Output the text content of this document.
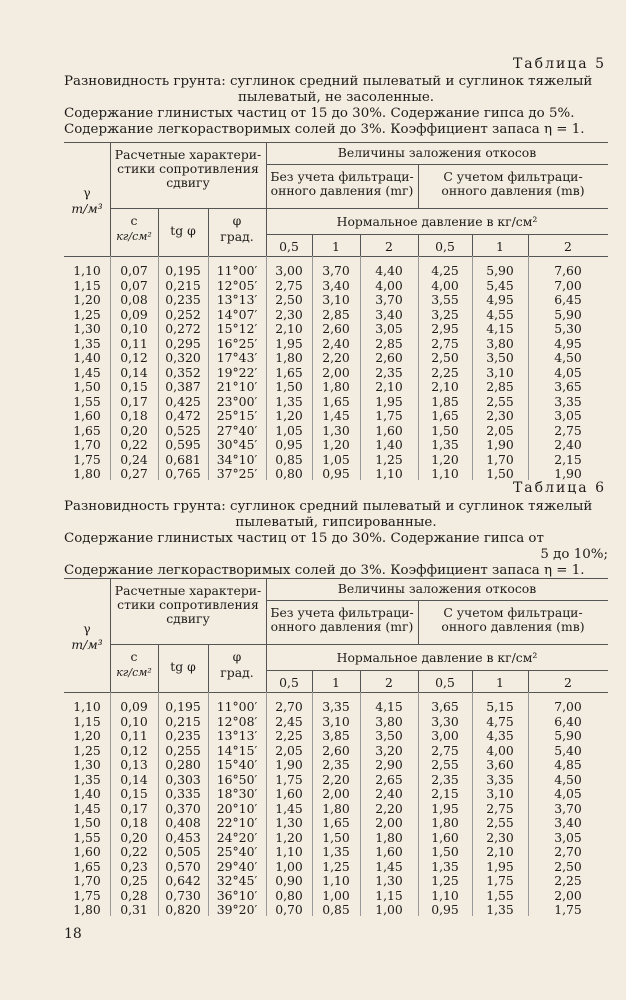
Таблица 5
Разновидность грунта: суглинок средний пылеватый и суглинок тяжелый
пылеватый, не засоленные.
Содержание глинистых частиц от 15 до 30%. Содержание гипса до 5%.
Содержание легкорастворимых солей до 3%. Коэффициент запаса η = 1.
γ
т/м³
Расчетные характери-
стики сопротивления
сдвигу
Величины заложения откосов
Без учета фильтраци-
онного давления (mг)
С учетом фильтраци-
онного давления (mв)
c
кг/см²	tg φ
φ
град.
Нормальное давление в кг/см²
0,5	1	2	0,5	1	2
1,10	0,07	0,195	11°00′	3,00	3,70	4,40	4,25	5,90	7,60
1,15	0,07	0,215	12°05′	2,75	3,40	4,00	4,00	5,45	7,00
1,20	0,08	0,235	13°13′	2,50	3,10	3,70	3,55	4,95	6,45
1,25	0,09	0,252	14°07′	2,30	2,85	3,40	3,25	4,55	5,90
1,30	0,10	0,272	15°12′	2,10	2,60	3,05	2,95	4,15	5,30
1,35	0,11	0,295	16°25′	1,95	2,40	2,85	2,75	3,80	4,95
1,40	0,12	0,320	17°43′	1,80	2,20	2,60	2,50	3,50	4,50
1,45	0,14	0,352	19°22′	1,65	2,00	2,35	2,25	3,10	4,05
1,50	0,15	0,387	21°10′	1,50	1,80	2,10	2,10	2,85	3,65
1,55	0,17	0,425	23°00′	1,35	1,65	1,95	1,85	2,55	3,35
1,60	0,18	0,472	25°15′	1,20	1,45	1,75	1,65	2,30	3,05
1,65	0,20	0,525	27°40′	1,05	1,30	1,60	1,50	2,05	2,75
1,70	0,22	0,595	30°45′	0,95	1,20	1,40	1,35	1,90	2,40
1,75	0,24	0,681	34°10′	0,85	1,05	1,25	1,20	1,70	2,15
1,80	0,27	0,765	37°25′	0,80	0,95	1,10	1,10	1,50	1,90
Таблица 6
Разновидность грунта: суглинок средний пылеватый и суглинок тяжелый
пылеватый, гипсированные.
Содержание глинистых частиц от 15 до 30%. Содержание гипса от
5 до 10%;
Содержание легкорастворимых солей до 3%. Коэффициент запаса η = 1.
γ
т/м³
Расчетные характери-
стики сопротивления
сдвигу
Величины заложения откосов
Без учета фильтраци-
онного давления (mг)
С учетом фильтраци-
онного давления (mв)
c
кг/см²	tg φ
φ
град.
Нормальное давление в кг/см²
0,5	1	2	0,5	1	2
1,10	0,09	0,195	11°00′	2,70	3,35	4,15	3,65	5,15	7,00
1,15	0,10	0,215	12°08′	2,45	3,10	3,80	3,30	4,75	6,40
1,20	0,11	0,235	13°13′	2,25	3,85	3,50	3,00	4,35	5,90
1,25	0,12	0,255	14°15′	2,05	2,60	3,20	2,75	4,00	5,40
1,30	0,13	0,280	15°40′	1,90	2,35	2,90	2,55	3,60	4,85
1,35	0,14	0,303	16°50′	1,75	2,20	2,65	2,35	3,35	4,50
1,40	0,15	0,335	18°30′	1,60	2,00	2,40	2,15	3,10	4,05
1,45	0,17	0,370	20°10′	1,45	1,80	2,20	1,95	2,75	3,70
1,50	0,18	0,408	22°10′	1,30	1,65	2,00	1,80	2,55	3,40
1,55	0,20	0,453	24°20′	1,20	1,50	1,80	1,60	2,30	3,05
1,60	0,22	0,505	25°40′	1,10	1,35	1,60	1,50	2,10	2,70
1,65	0,23	0,570	29°40′	1,00	1,25	1,45	1,35	1,95	2,50
1,70	0,25	0,642	32°45′	0,90	1,10	1,30	1,25	1,75	2,25
1,75	0,28	0,730	36°10′	0,80	1,00	1,15	1,10	1,55	2,00
1,80	0,31	0,820	39°20′	0,70	0,85	1,00	0,95	1,35	1,75
18
